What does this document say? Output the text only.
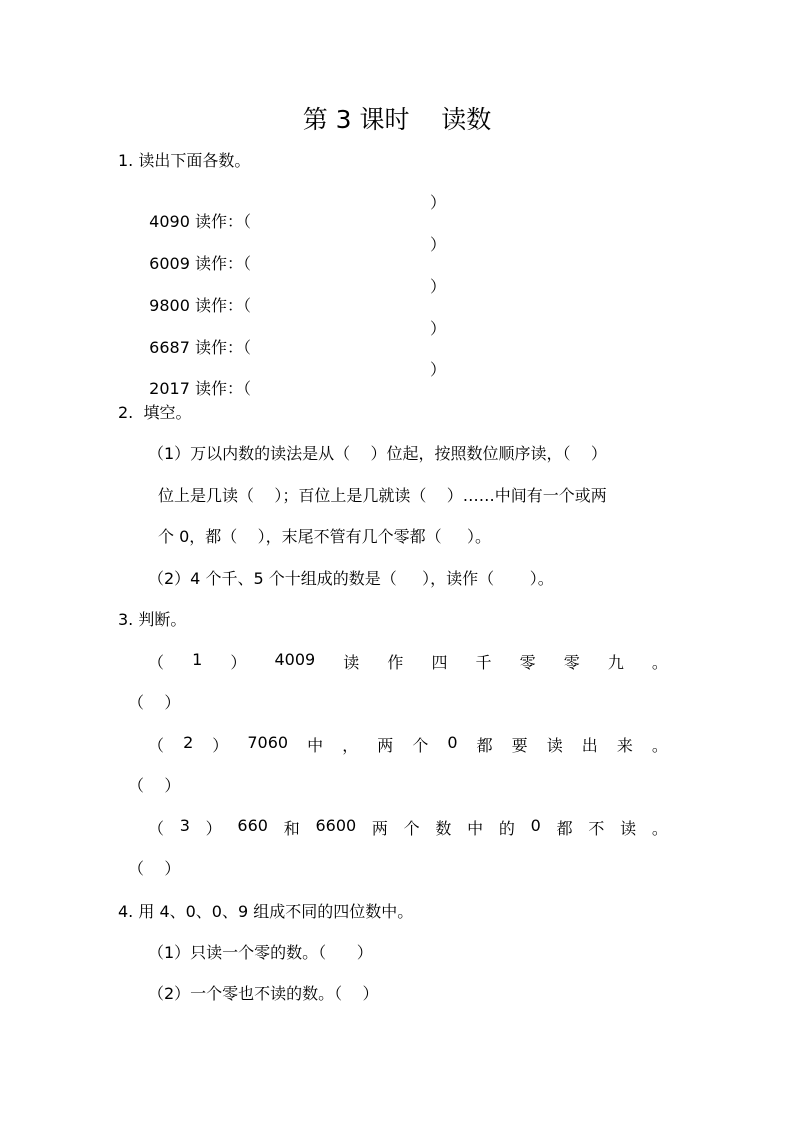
第 3 课时    读数
1. 读出下面各数。

4090 读作：（

）

6009 读作：（

）

9800 读作：（

）

6687 读作：（

）

2017 读作：（

）
2.  填空。
（1）万以内数的读法是从（    ）位起，按照数位顺序读，（    ）
位上是几读（    ）；百位上是几就读（    ）……中间有一个或两
个 0，都（    ），末尾不管有几个零都（     ）。
（2）4 个千、5 个十组成的数是（     ），读作（       ）。
3. 判断。
（ 1 ） 4009 读 作 四 千 零 零 九 。
（    ）
（ 2 ） 7060 中 ， 两 个 0 都 要 读 出 来 。
（    ）
（ 3 ） 660 和 6600 两 个 数 中 的 0 都 不 读 。
（    ）
4. 用 4、0、0、9 组成不同的四位数中。
（1）只读一个零的数。（      ）
（2）一个零也不读的数。（    ）
